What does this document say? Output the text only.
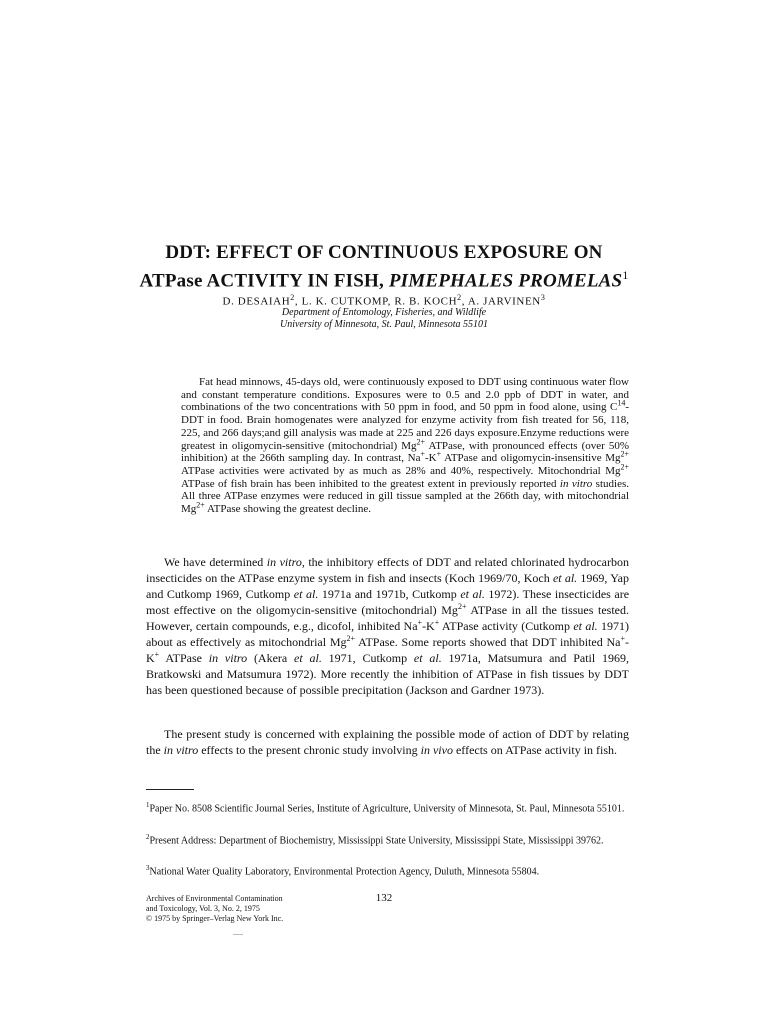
DDT: EFFECT OF CONTINUOUS EXPOSURE ON
ATPase ACTIVITY IN FISH, PIMEPHALES PROMELAS$^1$

D. DESAIAH$^2$, L. K. CUTKOMP, R. B. KOCH$^2$, A. JARVINEN$^3$

Department of Entomology, Fisheries, and Wildlife
University of Minnesota, St. Paul, Minnesota 55101

Fat head minnows, 45-days old, were continuously exposed to DDT using continuous water flow and constant temperature conditions. Exposures were to 0.5 and 2.0 ppb of DDT in water, and combinations of the two concentrations with 50 ppm in food, and 50 ppm in food alone, using $C^{14}$-DDT in food. Brain homogenates were analyzed for enzyme activity from fish treated for 56, 118, 225, and 266 days;and gill analysis was made at 225 and 226 days exposure.Enzyme reductions were greatest in oligomycin-sensitive (mitochondrial) $Mg^{2+}$ ATPase, with pronounced effects (over 50% inhibition) at the 266th sampling day. In contrast, Na+-K+ ATPase and oligomycin-insensitive $Mg^{2+}$ ATPase activities were activated by as much as 28% and 40%, respectively. Mitochondrial $Mg^{2+}$ ATPase of fish brain has been inhibited to the greatest extent in previously reported in vitro studies. All three ATPase enzymes were reduced in gill tissue sampled at the 266th day, with mitochondrial $Mg^{2+}$ ATPase showing the greatest decline.

We have determined in vitro, the inhibitory effects of DDT and related chlorinated hydrocarbon insecticides on the ATPase enzyme system in fish and insects (Koch 1969/70, Koch et al. 1969, Yap and Cutkomp 1969, Cutkomp et al. 1971a and 1971b, Cutkomp et al. 1972). These insecticides are most effective on the oligomycin-sensitive (mitochondrial) $Mg^{2+}$ ATPase in all the tissues tested. However, certain compounds, e.g., dicofol, inhibited Na+-K+ ATPase activity (Cutkomp et al. 1971) about as effectively as mitochondrial $Mg^{2+}$ ATPase. Some reports showed that DDT inhibited Na+-K+ ATPase in vitro (Akera et al. 1971, Cutkomp et al. 1971a, Matsumura and Patil 1969, Bratkowski and Matsumura 1972). More recently the inhibition of ATPase in fish tissues by DDT has been questioned because of possible precipitation (Jackson and Gardner 1973).

The present study is concerned with explaining the possible mode of action of DDT by relating the in vitro effects to the present chronic study involving in vivo effects on ATPase activity in fish.

$^1$Paper No. 8508 Scientific Journal Series, Institute of Agriculture, University of Minnesota, St. Paul, Minnesota 55101.

$^2$Present Address: Department of Biochemistry, Mississippi State University, Mississippi State, Mississippi 39762.

$^3$National Water Quality Laboratory, Environmental Protection Agency, Duluth, Minnesota 55804.

Archives of Environmental Contamination
and Toxicology, Vol. 3, No. 2, 1975
© 1975 by Springer–Verlag New York Inc.

132
